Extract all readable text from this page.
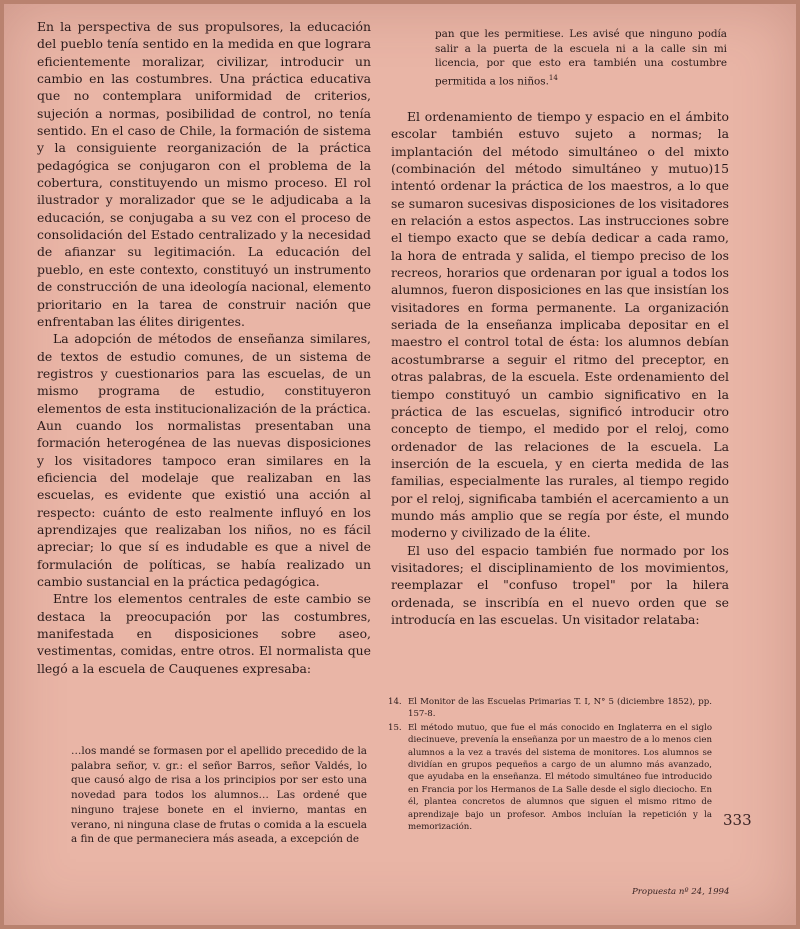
En la perspectiva de sus propulsores, la educación del pueblo tenía sentido en la medida en que lograra eficientemente moralizar, civilizar, introducir un cambio en las costumbres. Una práctica educativa que no contemplara uniformidad de criterios, sujeción a normas, posibilidad de control, no tenía sentido. En el caso de Chile, la formación de sistema y la consiguiente reorganización de la práctica pedagógica se conjugaron con el problema de la cobertura, constituyendo un mismo proceso. El rol ilustrador y moralizador que se le adjudicaba a la educación, se conjugaba a su vez con el proceso de consolidación del Estado centralizado y la necesidad de afianzar su legitimación. La educación del pueblo, en este contexto, constituyó un instrumento de construcción de una ideología nacional, elemento prioritario en la tarea de construir nación que enfrentaban las élites dirigentes.

La adopción de métodos de enseñanza similares, de textos de estudio comunes, de un sistema de registros y cuestionarios para las escuelas, de un mismo programa de estudio, constituyeron elementos de esta institucionalización de la práctica. Aun cuando los normalistas presentaban una formación heterogénea de las nuevas disposiciones y los visitadores tampoco eran similares en la eficiencia del modelaje que realizaban en las escuelas, es evidente que existió una acción al respecto: cuánto de esto realmente influyó en los aprendizajes que realizaban los niños, no es fácil apreciar; lo que sí es indudable es que a nivel de formulación de políticas, se había realizado un cambio sustancial en la práctica pedagógica.

Entre los elementos centrales de este cambio se destaca la preocupación por las costumbres, manifestada en disposiciones sobre aseo, vestimentas, comidas, entre otros. El normalista que llegó a la escuela de Cauquenes expresaba:

…los mandé se formasen por el apellido precedido de la palabra señor, v. gr.: el señor Barros, señor Valdés, lo que causó algo de risa a los principios por ser esto una novedad para todos los alumnos… Las ordené que ninguno trajese bonete en el invierno, mantas en verano, ni ninguna clase de frutas o comida a la escuela a fin de que permaneciera más aseada, a excepción de
pan que les permitiese. Les avisé que ninguno podía salir a la puerta de la escuela ni a la calle sin mi licencia, por que esto era también una costumbre permitida a los niños.$^{14}$

El ordenamiento de tiempo y espacio en el ámbito escolar también estuvo sujeto a normas; la implantación del método simultáneo o del mixto (combinación del método simultáneo y mutuo)15 intentó ordenar la práctica de los maestros, a lo que se sumaron sucesivas disposiciones de los visitadores en relación a estos aspectos. Las instrucciones sobre el tiempo exacto que se debía dedicar a cada ramo, la hora de entrada y salida, el tiempo preciso de los recreos, horarios que ordenaran por igual a todos los alumnos, fueron disposiciones en las que insistían los visitadores en forma permanente. La organización seriada de la enseñanza implicaba depositar en el maestro el control total de ésta: los alumnos debían acostumbrarse a seguir el ritmo del preceptor, en otras palabras, de la escuela. Este ordenamiento del tiempo constituyó un cambio significativo en la práctica de las escuelas, significó introducir otro concepto de tiempo, el medido por el reloj, como ordenador de las relaciones de la escuela. La inserción de la escuela, y en cierta medida de las familias, especialmente las rurales, al tiempo regido por el reloj, significaba también el acercamiento a un mundo más amplio que se regía por éste, el mundo moderno y civilizado de la élite.

El uso del espacio también fue normado por los visitadores; el disciplinamiento de los movimientos, reemplazar el "confuso tropel" por la hilera ordenada, se inscribía en el nuevo orden que se introducía en las escuelas. Un visitador relataba:

14. El Monitor de las Escuelas Primarias T. I, N° 5 (diciembre 1852), pp. 157-8.
15. El método mutuo, que fue el más conocido en Inglaterra en el siglo diecinueve, prevenía la enseñanza por un maestro de a lo menos cien alumnos a la vez a través del sistema de monitores. Los alumnos se dividían en grupos pequeños a cargo de un alumno más avanzado, que ayudaba en la enseñanza. El método simultáneo fue introducido en Francia por los Hermanos de La Salle desde el siglo dieciocho. En él, plantea concretos de alumnos que siguen el mismo ritmo de aprendizaje bajo un profesor. Ambos incluían la repetición y la memorización.	333
Propuesta nº 24, 1994
